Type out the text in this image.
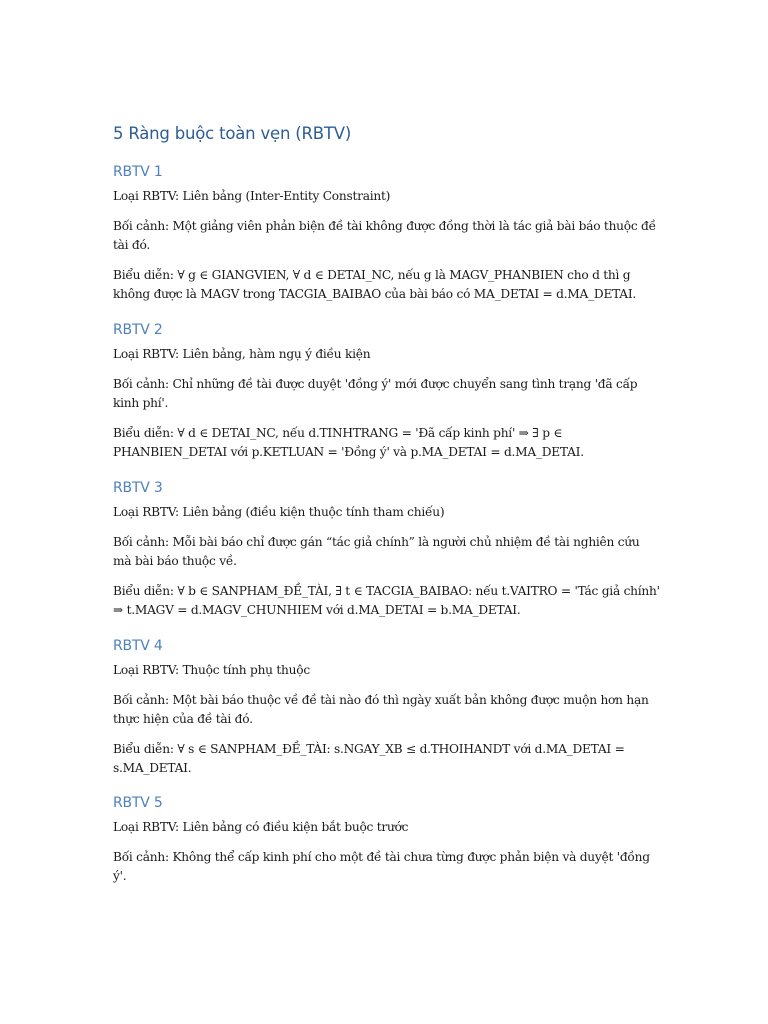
5 Ràng buộc toàn vẹn (RBTV)
RBTV 1

Loại RBTV: Liên bảng (Inter-Entity Constraint)

Bối cảnh: Một giảng viên phản biện đề tài không được đồng thời là tác giả bài báo thuộc đề tài đó.

Biểu diễn: ∀ g ∈ GIANGVIEN, ∀ d ∈ DETAI_NC, nếu g là MAGV_PHANBIEN cho d thì g không được là MAGV trong TACGIA_BAIBAO của bài báo có MA_DETAI = d.MA_DETAI.

RBTV 2

Loại RBTV: Liên bảng, hàm ngụ ý điều kiện

Bối cảnh: Chỉ những đề tài được duyệt 'đồng ý' mới được chuyển sang tình trạng 'đã cấp kinh phí'.

Biểu diễn: ∀ d ∈ DETAI_NC, nếu d.TINHTRANG = 'Đã cấp kinh phí' ⇒ ∃ p ∈ PHANBIEN_DETAI với p.KETLUAN = 'Đồng ý' và p.MA_DETAI = d.MA_DETAI.

RBTV 3

Loại RBTV: Liên bảng (điều kiện thuộc tính tham chiếu)

Bối cảnh: Mỗi bài báo chỉ được gán “tác giả chính” là người chủ nhiệm đề tài nghiên cứu mà bài báo thuộc về.

Biểu diễn: ∀ b ∈ SANPHAM_ĐỀ_TÀI, ∃ t ∈ TACGIA_BAIBAO: nếu t.VAITRO = 'Tác giả chính' ⇒ t.MAGV = d.MAGV_CHUNHIEM với d.MA_DETAI = b.MA_DETAI.

RBTV 4

Loại RBTV: Thuộc tính phụ thuộc

Bối cảnh: Một bài báo thuộc về đề tài nào đó thì ngày xuất bản không được muộn hơn hạn thực hiện của đề tài đó.

Biểu diễn: ∀ s ∈ SANPHAM_ĐỀ_TÀI: s.NGAY_XB ≤ d.THOIHANDT với d.MA_DETAI = s.MA_DETAI.

RBTV 5

Loại RBTV: Liên bảng có điều kiện bắt buộc trước

Bối cảnh: Không thể cấp kinh phí cho một đề tài chưa từng được phản biện và duyệt 'đồng ý'.
